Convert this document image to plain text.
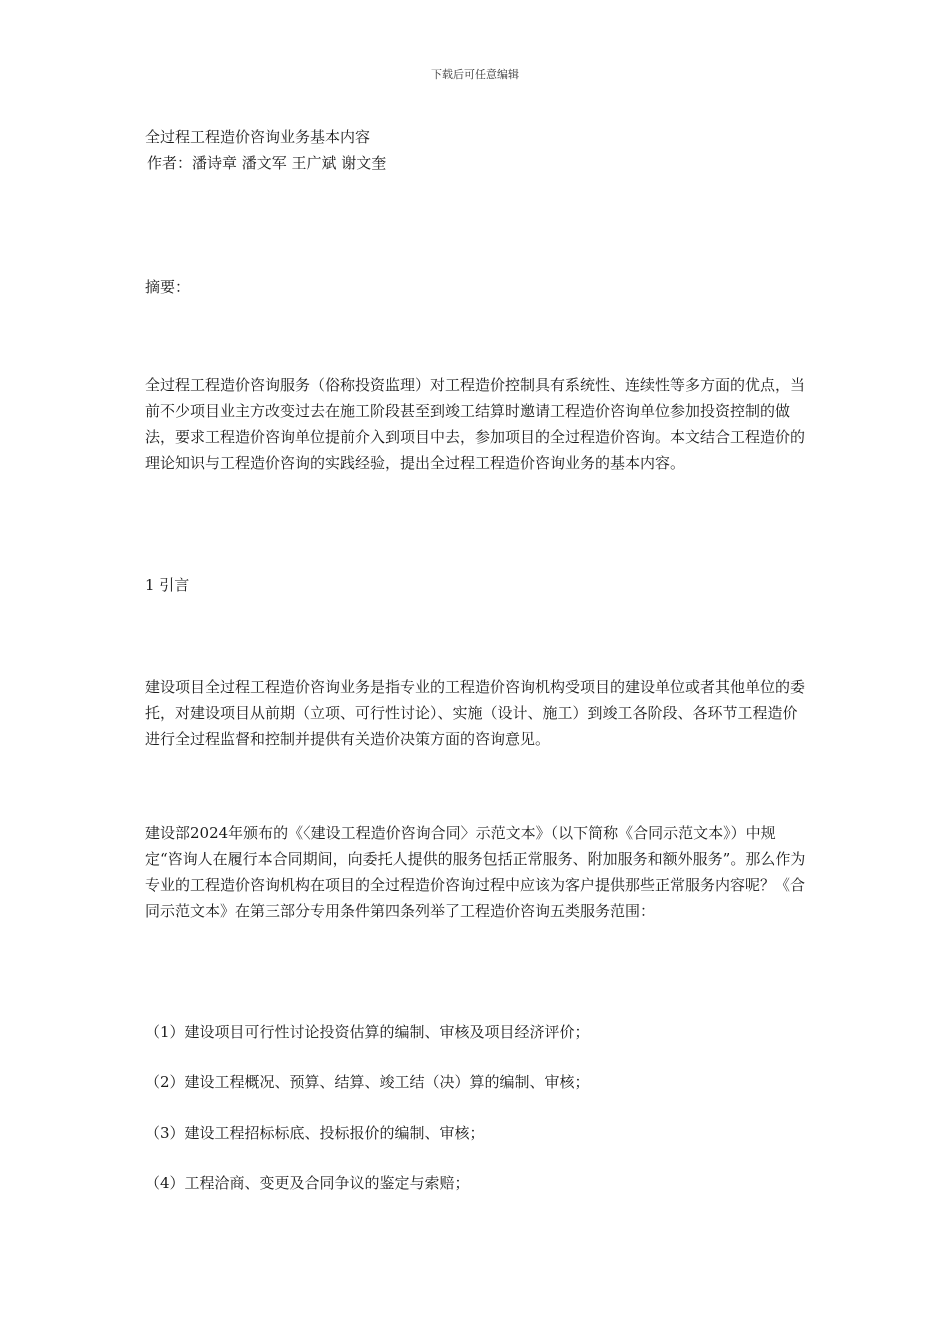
下载后可任意编辑

全过程工程造价咨询业务基本内容

作者：潘诗章 潘文军 王广斌 谢文奎

摘要：

全过程工程造价咨询服务（俗称投资监理）对工程造价控制具有系统性、连续性等多方面的优点，当前不少项目业主方改变过去在施工阶段甚至到竣工结算时邀请工程造价咨询单位参加投资控制的做法，要求工程造价咨询单位提前介入到项目中去，参加项目的全过程造价咨询。本文结合工程造价的理论知识与工程造价咨询的实践经验，提出全过程工程造价咨询业务的基本内容。

1 引言

建设项目全过程工程造价咨询业务是指专业的工程造价咨询机构受项目的建设单位或者其他单位的委托，对建设项目从前期（立项、可行性讨论）、实施（设计、施工）到竣工各阶段、各环节工程造价进行全过程监督和控制并提供有关造价决策方面的咨询意见。

建设部2024年颁布的《〈建设工程造价咨询合同〉示范文本》（以下简称《合同示范文本》）中规定“咨询人在履行本合同期间，向委托人提供的服务包括正常服务、附加服务和额外服务”。那么作为专业的工程造价咨询机构在项目的全过程造价咨询过程中应该为客户提供那些正常服务内容呢？《合同示范文本》在第三部分专用条件第四条列举了工程造价咨询五类服务范围：

（1）建设项目可行性讨论投资估算的编制、审核及项目经济评价；

（2）建设工程概况、预算、结算、竣工结（决）算的编制、审核；

（3）建设工程招标标底、投标报价的编制、审核；

（4）工程洽商、变更及合同争议的鉴定与索赔；
